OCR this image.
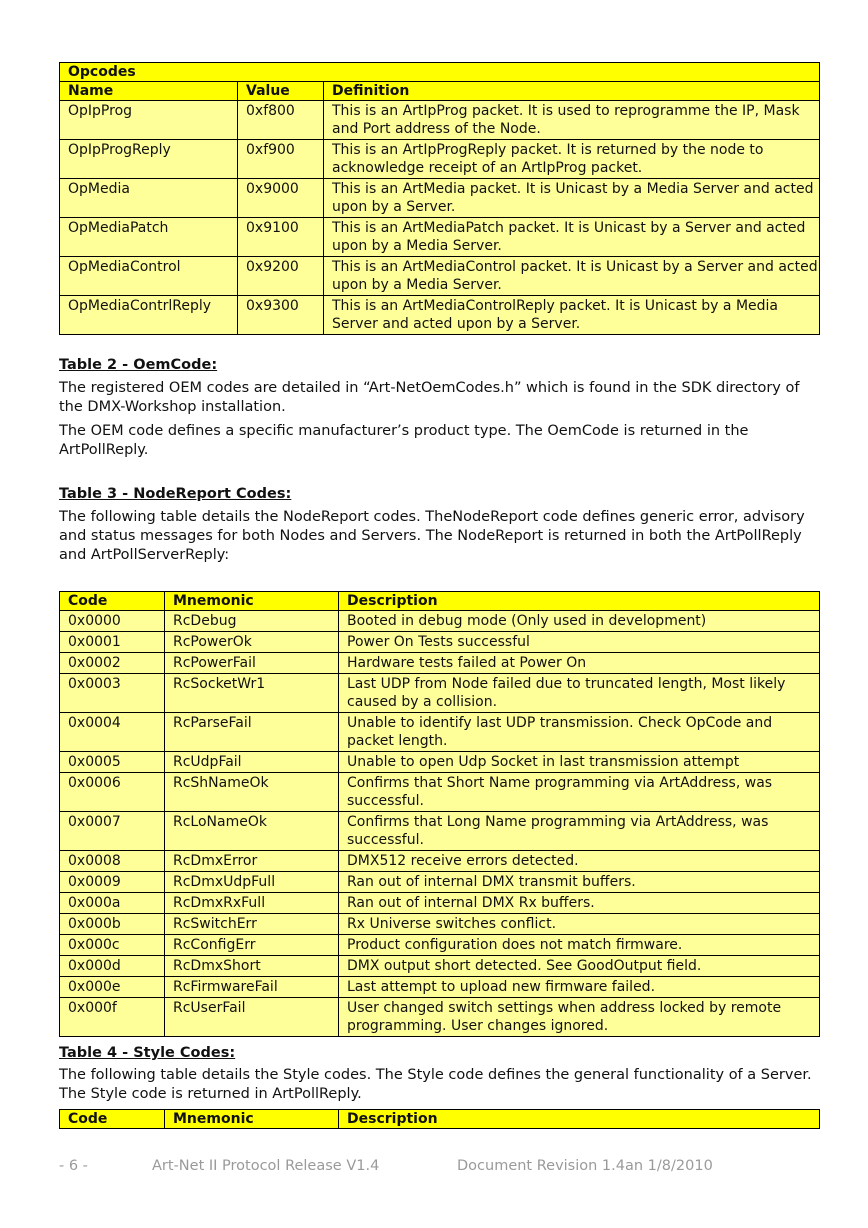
Opcodes		
Name	Value	Definition
OpIpProg	0xf800	This is an ArtIpProg packet. It is used to reprogramme the IP, Mask and Port address of the Node.
OpIpProgReply	0xf900	This is an ArtIpProgReply packet. It is returned by the node to acknowledge receipt of an ArtIpProg packet.
OpMedia	0x9000	This is an ArtMedia packet. It is Unicast by a Media Server and acted upon by a Server.
OpMediaPatch	0x9100	This is an ArtMediaPatch packet. It is Unicast by a Server and acted upon by a Media Server.
OpMediaControl	0x9200	This is an ArtMediaControl packet. It is Unicast by a Server and acted upon by a Media Server.
OpMediaContrlReply	0x9300	This is an ArtMediaControlReply packet. It is Unicast by a Media Server and acted upon by a Server.
Table 2 - OemCode:

The registered OEM codes are detailed in “Art-NetOemCodes.h” which is found in the SDK directory of the DMX-Workshop installation.

The OEM code defines a specific manufacturer’s product type. The OemCode is returned in the ArtPollReply.

Table 3 - NodeReport Codes:

The following table details the NodeReport codes. TheNodeReport code defines generic error, advisory and status messages for both Nodes and Servers. The NodeReport is returned in both the ArtPollReply and ArtPollServerReply:

Code	Mnemonic	Description
0x0000	RcDebug	Booted in debug mode (Only used in development)
0x0001	RcPowerOk	Power On Tests successful
0x0002	RcPowerFail	Hardware tests failed at Power On
0x0003	RcSocketWr1	Last UDP from Node failed due to truncated length, Most likely caused by a collision.
0x0004	RcParseFail	Unable to identify last UDP transmission. Check OpCode and packet length.
0x0005	RcUdpFail	Unable to open Udp Socket in last transmission attempt
0x0006	RcShNameOk	Confirms that Short Name programming via ArtAddress, was successful.
0x0007	RcLoNameOk	Confirms that Long Name programming via ArtAddress, was successful.
0x0008	RcDmxError	DMX512 receive errors detected.
0x0009	RcDmxUdpFull	Ran out of internal DMX transmit buffers.
0x000a	RcDmxRxFull	Ran out of internal DMX Rx buffers.
0x000b	RcSwitchErr	Rx Universe switches conflict.
0x000c	RcConfigErr	Product configuration does not match firmware.
0x000d	RcDmxShort	DMX output short detected. See GoodOutput field.
0x000e	RcFirmwareFail	Last attempt to upload new firmware failed.
0x000f	RcUserFail	User changed switch settings when address locked by remote programming. User changes ignored.
Table 4 - Style Codes:

The following table details the Style codes. The Style code defines the general functionality of a Server. The Style code is returned in ArtPollReply.

Code	Mnemonic	Description
- 6 -	Art-Net II Protocol Release V1.4	Document Revision 1.4an 1/8/2010
